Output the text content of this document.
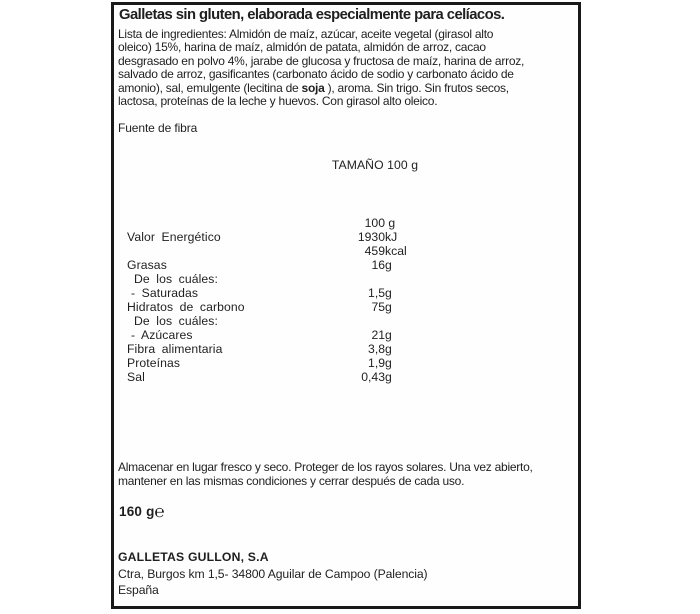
Galletas sin gluten, elaborada especialmente para celíacos.
Lista de ingredientes: Almidón de maíz, azúcar, aceite vegetal (girasol alto
oleico) 15%, harina de maíz, almidón de patata, almidón de arroz, cacao
desgrasado en polvo 4%, jarabe de glucosa y fructosa de maíz, harina de arroz,
salvado de arroz, gasificantes (carbonato ácido de sodio y carbonato ácido de
amonio), sal, emulgente (lecitina de soja ), aroma. Sin trigo. Sin frutos secos,
lactosa, proteínas de la leche y huevos. Con girasol alto oleico.
Fuente de fibra
TAMAÑO 100 g
100 g
Valor Energético	1930kJ
459kcal
Grasas	16g
De los cuáles:
- Saturadas	1,5g
Hidratos de carbono	75g
De los cuáles:
- Azúcares	21g
Fibra alimentaria	3,8g
Proteínas	1,9g
Sal	0,43g
Almacenar en lugar fresco y seco. Proteger de los rayos solares. Una vez abierto,
mantener en las mismas condiciones y cerrar después de cada uso.
160 g℮
GALLETAS GULLON, S.A
Ctra, Burgos km 1,5- 34800 Aguilar de Campoo (Palencia)
España
